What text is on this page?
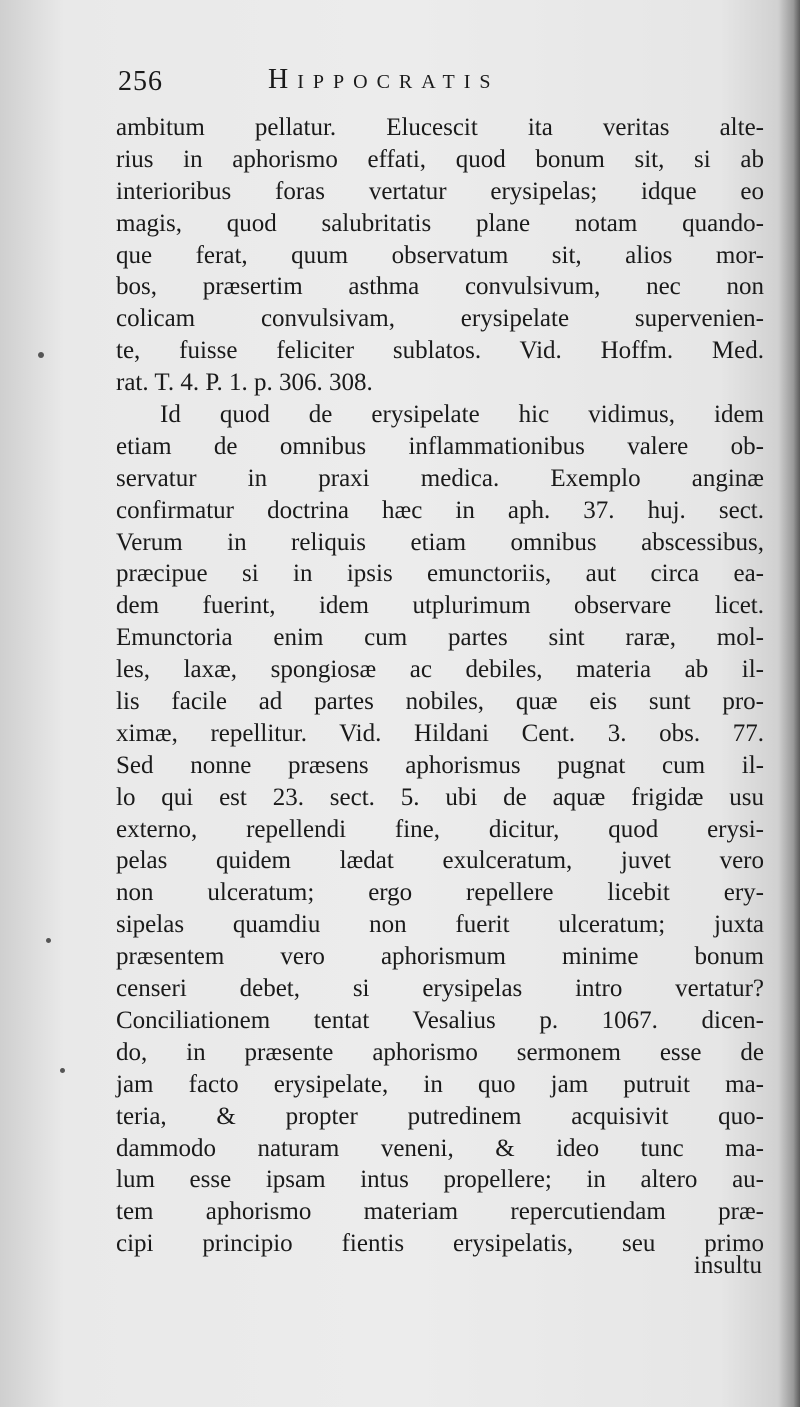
256	Hippocratis
ambitum pellatur. Elucescit ita veritas alte-
rius in aphorismo effati, quod bonum sit, si ab
interioribus foras vertatur erysipelas; idque eo
magis, quod salubritatis plane notam quando-
que ferat, quum observatum sit, alios mor-
bos, præsertim asthma convulsivum, nec non
colicam convulsivam, erysipelate supervenien-
te, fuisse feliciter sublatos. Vid. Hoffm. Med.
rat. T. 4. P. 1. p. 306. 308.
Id quod de erysipelate hic vidimus, idem
etiam de omnibus inflammationibus valere ob-
servatur in praxi medica. Exemplo anginæ
confirmatur doctrina hæc in aph. 37. huj. sect.
Verum in reliquis etiam omnibus abscessibus,
præcipue si in ipsis emunctoriis, aut circa ea-
dem fuerint, idem utplurimum observare licet.
Emunctoria enim cum partes sint raræ, mol-
les, laxæ, spongiosæ ac debiles, materia ab il-
lis facile ad partes nobiles, quæ eis sunt pro-
ximæ, repellitur. Vid. Hildani Cent. 3. obs. 77.
Sed nonne præsens aphorismus pugnat cum il-
lo qui est 23. sect. 5. ubi de aquæ frigidæ usu
externo, repellendi fine, dicitur, quod erysi-
pelas quidem lædat exulceratum, juvet vero
non ulceratum; ergo repellere licebit ery-
sipelas quamdiu non fuerit ulceratum; juxta
præsentem vero aphorismum minime bonum
censeri debet, si erysipelas intro vertatur?
Conciliationem tentat Vesalius p. 1067. dicen-
do, in præsente aphorismo sermonem esse de
jam facto erysipelate, in quo jam putruit ma-
teria, & propter putredinem acquisivit quo-
dammodo naturam veneni, & ideo tunc ma-
lum esse ipsam intus propellere; in altero au-
tem aphorismo materiam repercutiendam præ-
cipi principio fientis erysipelatis, seu primo
insultu
